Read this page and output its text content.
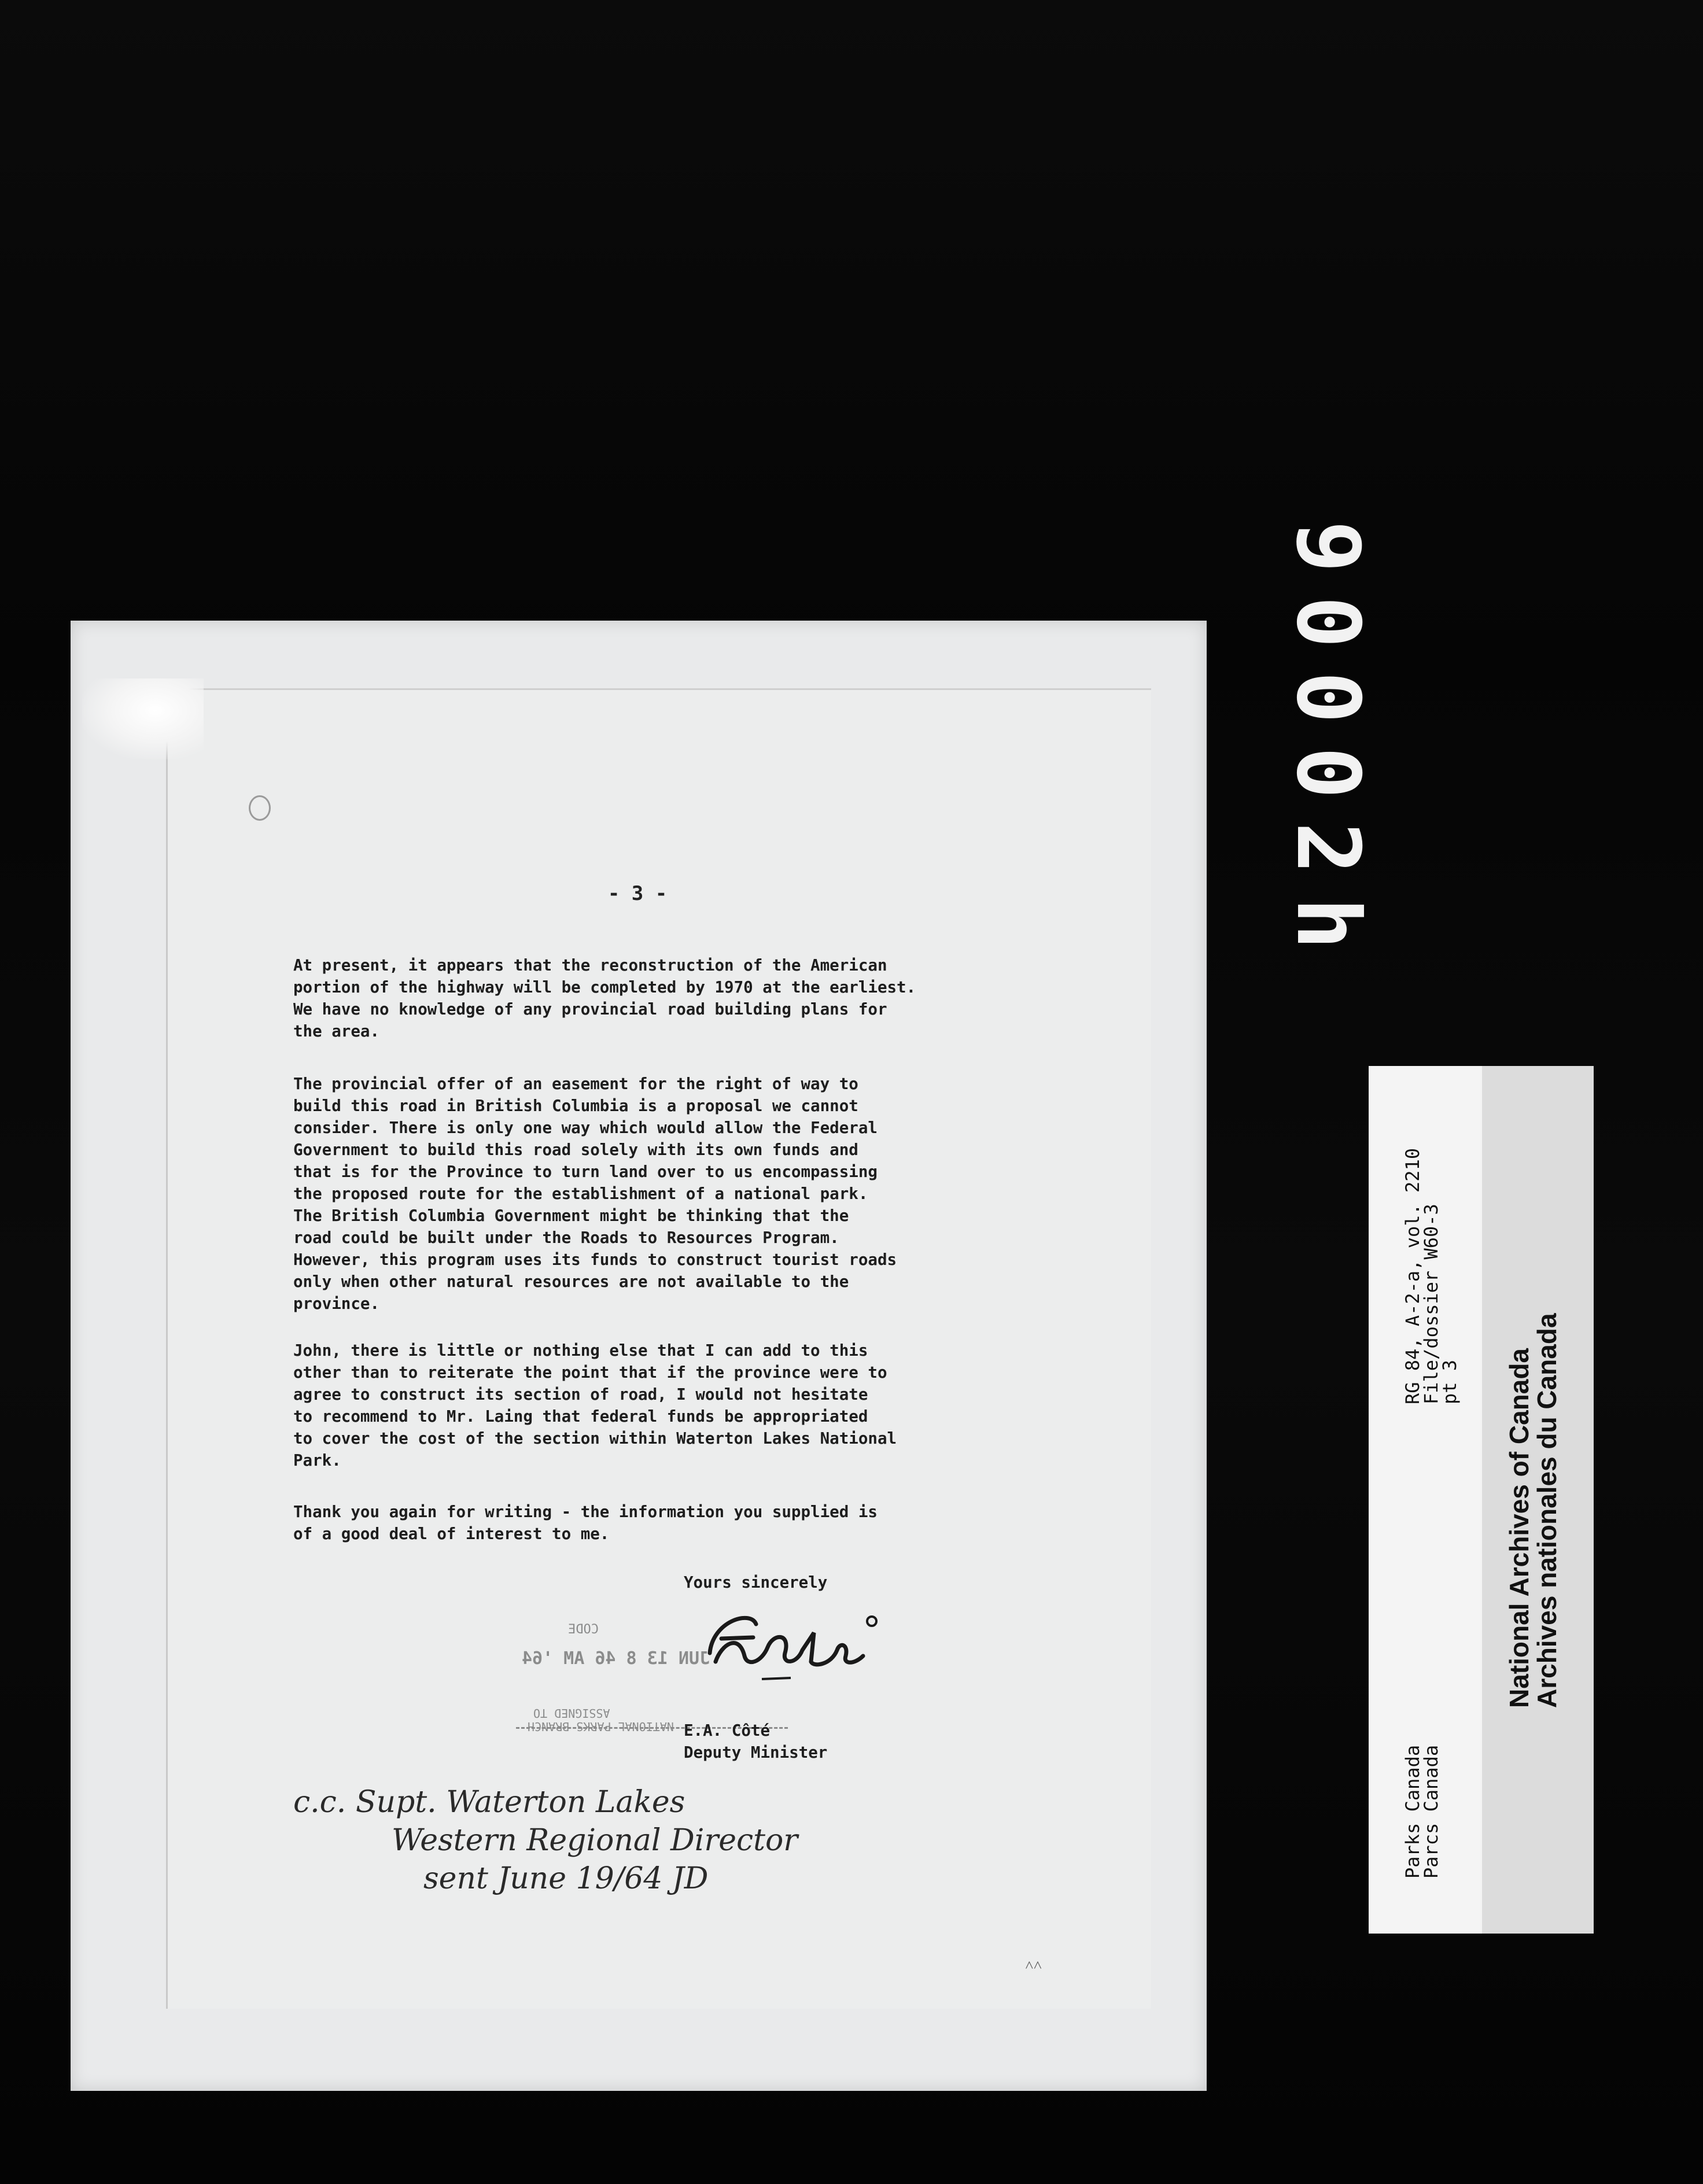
90002h
- 3 -
At present, it appears that the reconstruction of the American
portion of the highway will be completed by 1970 at the earliest.
We have no knowledge of any provincial road building plans for
the area.
The provincial offer of an easement for the right of way to
build this road in British Columbia is a proposal we cannot
consider. There is only one way which would allow the Federal
Government to build this road solely with its own funds and
that is for the Province to turn land over to us encompassing
the proposed route for the establishment of a national park.
The British Columbia Government might be thinking that the
road could be built under the Roads to Resources Program.
However, this program uses its funds to construct tourist roads
only when other natural resources are not available to the
province.
John, there is little or nothing else that I can add to this
other than to reiterate the point that if the province were to
agree to construct its section of road, I would not hesitate
to recommend to Mr. Laing that federal funds be appropriated
to cover the cost of the section within Waterton Lakes National
Park.
Thank you again for writing - the information you supplied is
of a good deal of interest to me.
Yours sincerely
CODE
JUN 13 8 46 AM '64
ASSIGNED TO
NATIONAL PARKS BRANCH E.A. Côté
Deputy Minister
c.c. Supt. Waterton Lakes
Western Regional Director
sent June 19/64 JD
˄˄
RG 84, A-2-a, vol. 2210
File/dossier W60-3
pt 3
Parks Canada
Parcs Canada
National Archives of Canada
Archives nationales du Canada
